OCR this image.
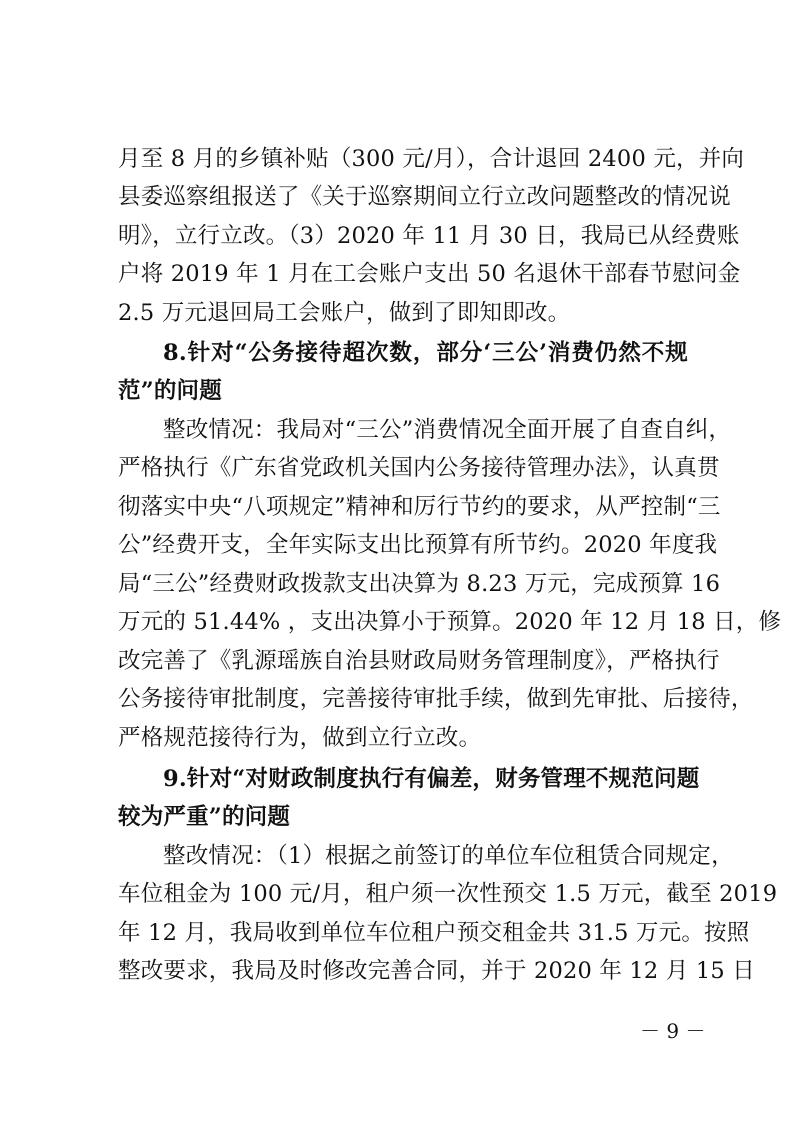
月至 8 月的乡镇补贴（300 元/月），合计退回 2400 元，并向
县委巡察组报送了《关于巡察期间立行立改问题整改的情况说
明》，立行立改。（3）2020 年 11 月 30 日，我局已从经费账
户将 2019 年 1 月在工会账户支出 50 名退休干部春节慰问金
2.5 万元退回局工会账户，做到了即知即改。
8.针对“公务接待超次数，部分‘三公’消费仍然不规
范”的问题
整改情况：我局对“三公”消费情况全面开展了自查自纠，
严格执行《广东省党政机关国内公务接待管理办法》，认真贯
彻落实中央“八项规定”精神和厉行节约的要求，从严控制“三
公”经费开支，全年实际支出比预算有所节约。2020 年度我
局“三公”经费财政拨款支出决算为 8.23 万元，完成预算 16
万元的 51.44% ，支出决算小于预算。2020 年 12 月 18 日，修
改完善了《乳源瑶族自治县财政局财务管理制度》，严格执行
公务接待审批制度，完善接待审批手续，做到先审批、后接待，
严格规范接待行为，做到立行立改。
9.针对“对财政制度执行有偏差，财务管理不规范问题
较为严重”的问题
整改情况：（1）根据之前签订的单位车位租赁合同规定，
车位租金为 100 元/月，租户须一次性预交 1.5 万元，截至 2019
年 12 月，我局收到单位车位租户预交租金共 31.5 万元。按照
整改要求，我局及时修改完善合同，并于 2020 年 12 月 15 日
－ 9 －
